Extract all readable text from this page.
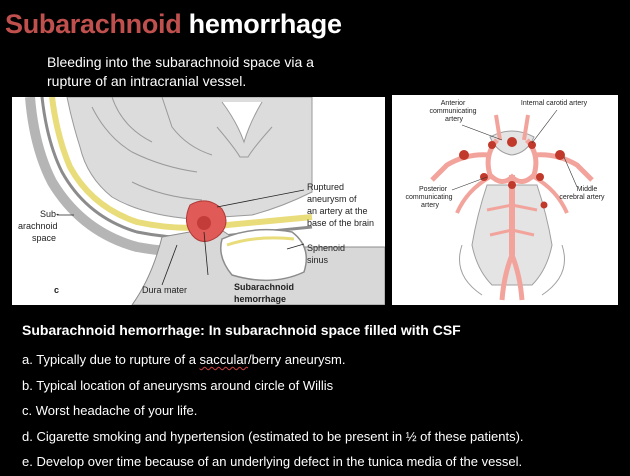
Subarachnoid hemorrhage
Bleeding into the subarachnoid space via a rupture of an intracranial vessel.
Sub- arachnoid space
Ruptured aneurysm of an artery at the base of the brain
Sphenoid sinus
c	Dura mater	Subarachnoid hemorrhage
Anterior communicating artery
Internal carotid artery
Posterior communicating artery
Middle cerebral artery
Subarachnoid hemorrhage: In subarachnoid space filled with CSF
a. Typically due to rupture of a saccular/berry aneurysm.
b. Typical location of aneurysms around circle of Willis
c. Worst headache of your life.
d. Cigarette smoking and hypertension (estimated to be present in ½ of these patients).
e. Develop over time because of an underlying defect in the tunica media of the vessel.
